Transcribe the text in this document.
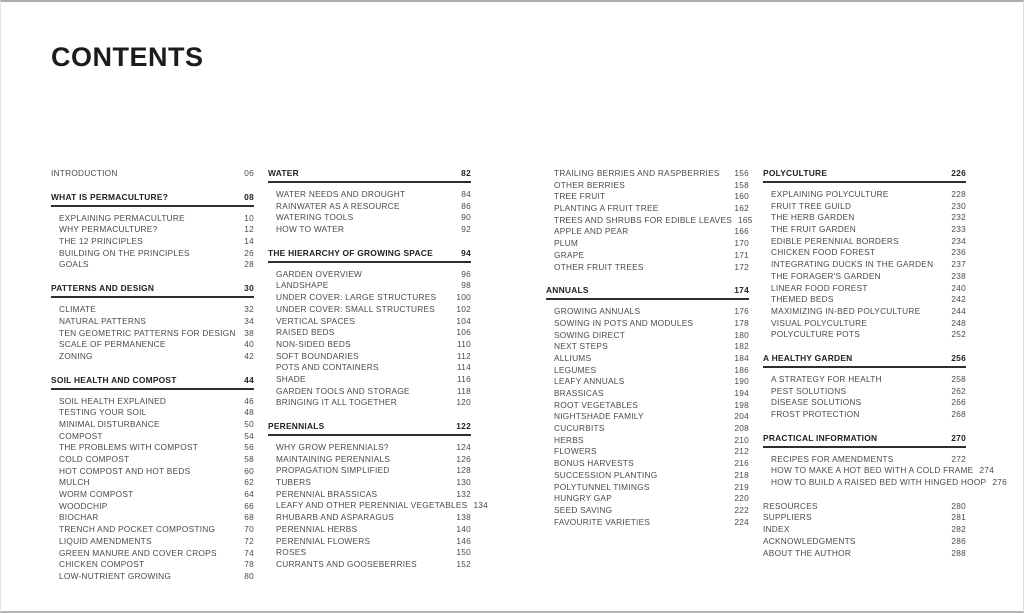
CONTENTS
INTRODUCTION	06
WHAT IS PERMACULTURE?	08
EXPLAINING PERMACULTURE	10
WHY PERMACULTURE?	12
THE 12 PRINCIPLES	14
BUILDING ON THE PRINCIPLES	26
GOALS	28
PATTERNS AND DESIGN	30
CLIMATE	32
NATURAL PATTERNS	34
TEN GEOMETRIC PATTERNS FOR DESIGN 38
SCALE OF PERMANENCE	40
ZONING	42
SOIL HEALTH AND COMPOST	44
SOIL HEALTH EXPLAINED	46
TESTING YOUR SOIL	48
MINIMAL DISTURBANCE	50
COMPOST	54
THE PROBLEMS WITH COMPOST	56
COLD COMPOST	58
HOT COMPOST AND HOT BEDS	60
MULCH	62
WORM COMPOST	64
WOODCHIP	66
BIOCHAR	68
TRENCH AND POCKET COMPOSTING	70
LIQUID AMENDMENTS	72
GREEN MANURE AND COVER CROPS	74
CHICKEN COMPOST	78
LOW-NUTRIENT GROWING	80
WATER	82
WATER NEEDS AND DROUGHT	84
RAINWATER AS A RESOURCE	86
WATERING TOOLS	90
HOW TO WATER	92
THE HIERARCHY OF GROWING SPACE	94
GARDEN OVERVIEW	96
LANDSHAPE	98
UNDER COVER: LARGE STRUCTURES 100
UNDER COVER: SMALL STRUCTURES	102
VERTICAL SPACES	104
RAISED BEDS	106
NON-SIDED BEDS	110
SOFT BOUNDARIES	112
POTS AND CONTAINERS	114
SHADE	116
GARDEN TOOLS AND STORAGE	118
BRINGING IT ALL TOGETHER	120
PERENNIALS	122
WHY GROW PERENNIALS?	124
MAINTAINING PERENNIALS	126
PROPAGATION SIMPLIFIED	128
TUBERS	130
PERENNIAL BRASSICAS	132
LEAFY AND OTHER PERENNIAL VEGETABLES 134
RHUBARB AND ASPARAGUS	138
PERENNIAL HERBS	140
PERENNIAL FLOWERS	146
ROSES	150
CURRANTS AND GOOSEBERRIES	152
TRAILING BERRIES AND RASPBERRIES 156
OTHER BERRIES	158
TREE FRUIT	160
PLANTING A FRUIT TREE	162
TREES AND SHRUBS FOR EDIBLE LEAVES 165
APPLE AND PEAR	166
PLUM	170
GRAPE	171
OTHER FRUIT TREES	172
ANNUALS	174
GROWING ANNUALS	176
SOWING IN POTS AND MODULES	178
SOWING DIRECT	180
NEXT STEPS	182
ALLIUMS	184
LEGUMES	186
LEAFY ANNUALS	190
BRASSICAS	194
ROOT VEGETABLES	198
NIGHTSHADE FAMILY	204
CUCURBITS	208
HERBS	210
FLOWERS	212
BONUS HARVESTS	216
SUCCESSION PLANTING	218
POLYTUNNEL TIMINGS	219
HUNGRY GAP	220
SEED SAVING	222
FAVOURITE VARIETIES	224
POLYCULTURE	226
EXPLAINING POLYCULTURE	228
FRUIT TREE GUILD	230
THE HERB GARDEN	232
THE FRUIT GARDEN	233
EDIBLE PERENNIAL BORDERS	234
CHICKEN FOOD FOREST	236
INTEGRATING DUCKS IN THE GARDEN 237
THE FORAGER'S GARDEN	238
LINEAR FOOD FOREST	240
THEMED BEDS	242
MAXIMIZING IN-BED POLYCULTURE	244
VISUAL POLYCULTURE	248
POLYCULTURE POTS	252
A HEALTHY GARDEN	256
A STRATEGY FOR HEALTH	258
PEST SOLUTIONS	262
DISEASE SOLUTIONS	266
FROST PROTECTION	268
PRACTICAL INFORMATION	270
RECIPES FOR AMENDMENTS	272
HOW TO MAKE A HOT BED WITH A COLD FRAME 274
HOW TO BUILD A RAISED BED WITH HINGED HOOP 276
RESOURCES	280
SUPPLIERS	281
INDEX	282
ACKNOWLEDGMENTS	286
ABOUT THE AUTHOR	288
